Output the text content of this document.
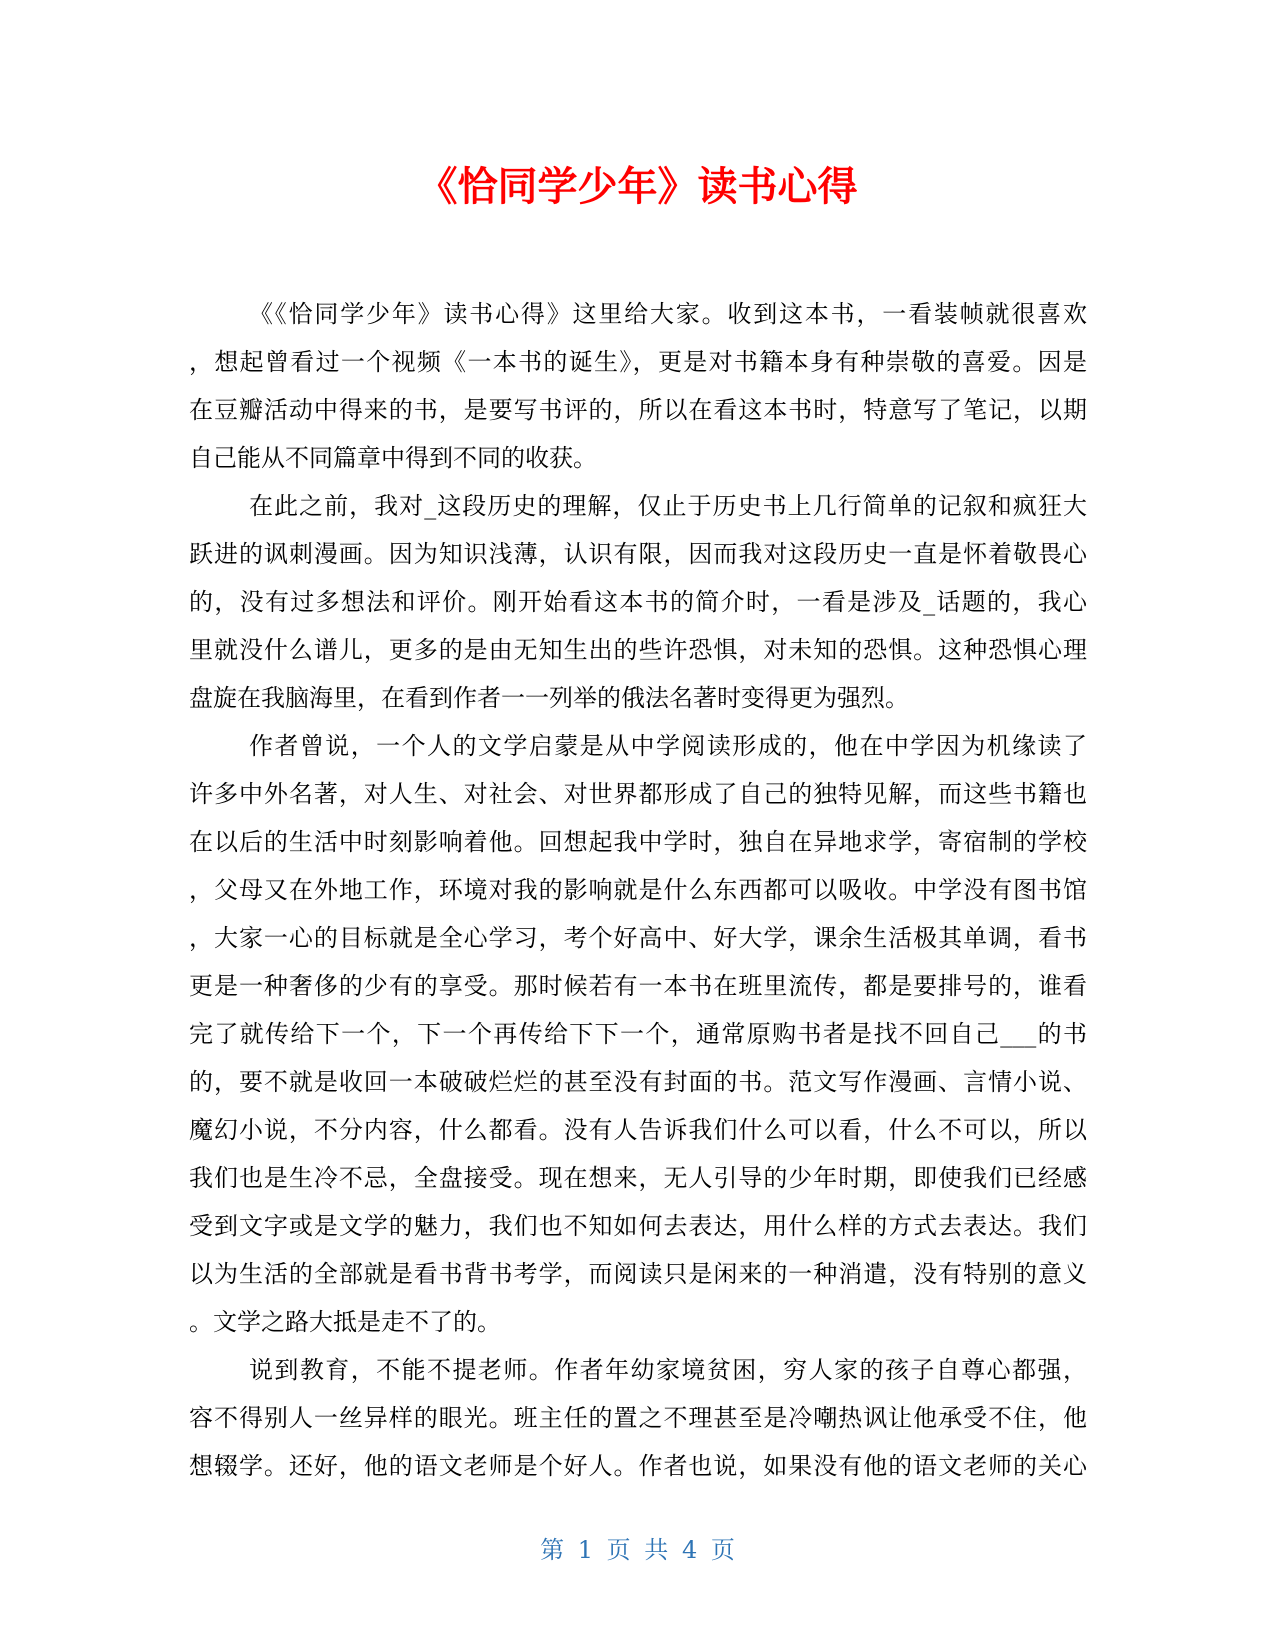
《恰同学少年》读书心得
《《恰同学少年》读书心得》这里给大家。收到这本书，一看装帧就很喜欢
，想起曾看过一个视频《一本书的诞生》，更是对书籍本身有种崇敬的喜爱。因是
在豆瓣活动中得来的书，是要写书评的，所以在看这本书时，特意写了笔记，以期
自己能从不同篇章中得到不同的收获。
在此之前，我对_这段历史的理解，仅止于历史书上几行简单的记叙和疯狂大
跃进的讽刺漫画。因为知识浅薄，认识有限，因而我对这段历史一直是怀着敬畏心
的，没有过多想法和评价。刚开始看这本书的简介时，一看是涉及_话题的，我心
里就没什么谱儿，更多的是由无知生出的些许恐惧，对未知的恐惧。这种恐惧心理
盘旋在我脑海里，在看到作者一一列举的俄法名著时变得更为强烈。
作者曾说，一个人的文学启蒙是从中学阅读形成的，他在中学因为机缘读了
许多中外名著，对人生、对社会、对世界都形成了自己的独特见解，而这些书籍也
在以后的生活中时刻影响着他。回想起我中学时，独自在异地求学，寄宿制的学校
，父母又在外地工作，环境对我的影响就是什么东西都可以吸收。中学没有图书馆
，大家一心的目标就是全心学习，考个好高中、好大学，课余生活极其单调，看书
更是一种奢侈的少有的享受。那时候若有一本书在班里流传，都是要排号的，谁看
完了就传给下一个，下一个再传给下下一个，通常原购书者是找不回自己___的书
的，要不就是收回一本破破烂烂的甚至没有封面的书。范文写作漫画、言情小说、
魔幻小说，不分内容，什么都看。没有人告诉我们什么可以看，什么不可以，所以
我们也是生冷不忌，全盘接受。现在想来，无人引导的少年时期，即使我们已经感
受到文字或是文学的魅力，我们也不知如何去表达，用什么样的方式去表达。我们
以为生活的全部就是看书背书考学，而阅读只是闲来的一种消遣，没有特别的意义
。文学之路大抵是走不了的。
说到教育，不能不提老师。作者年幼家境贫困，穷人家的孩子自尊心都强，
容不得别人一丝异样的眼光。班主任的置之不理甚至是冷嘲热讽让他承受不住，他
想辍学。还好，他的语文老师是个好人。作者也说，如果没有他的语文老师的关心
第 1 页 共 4 页
